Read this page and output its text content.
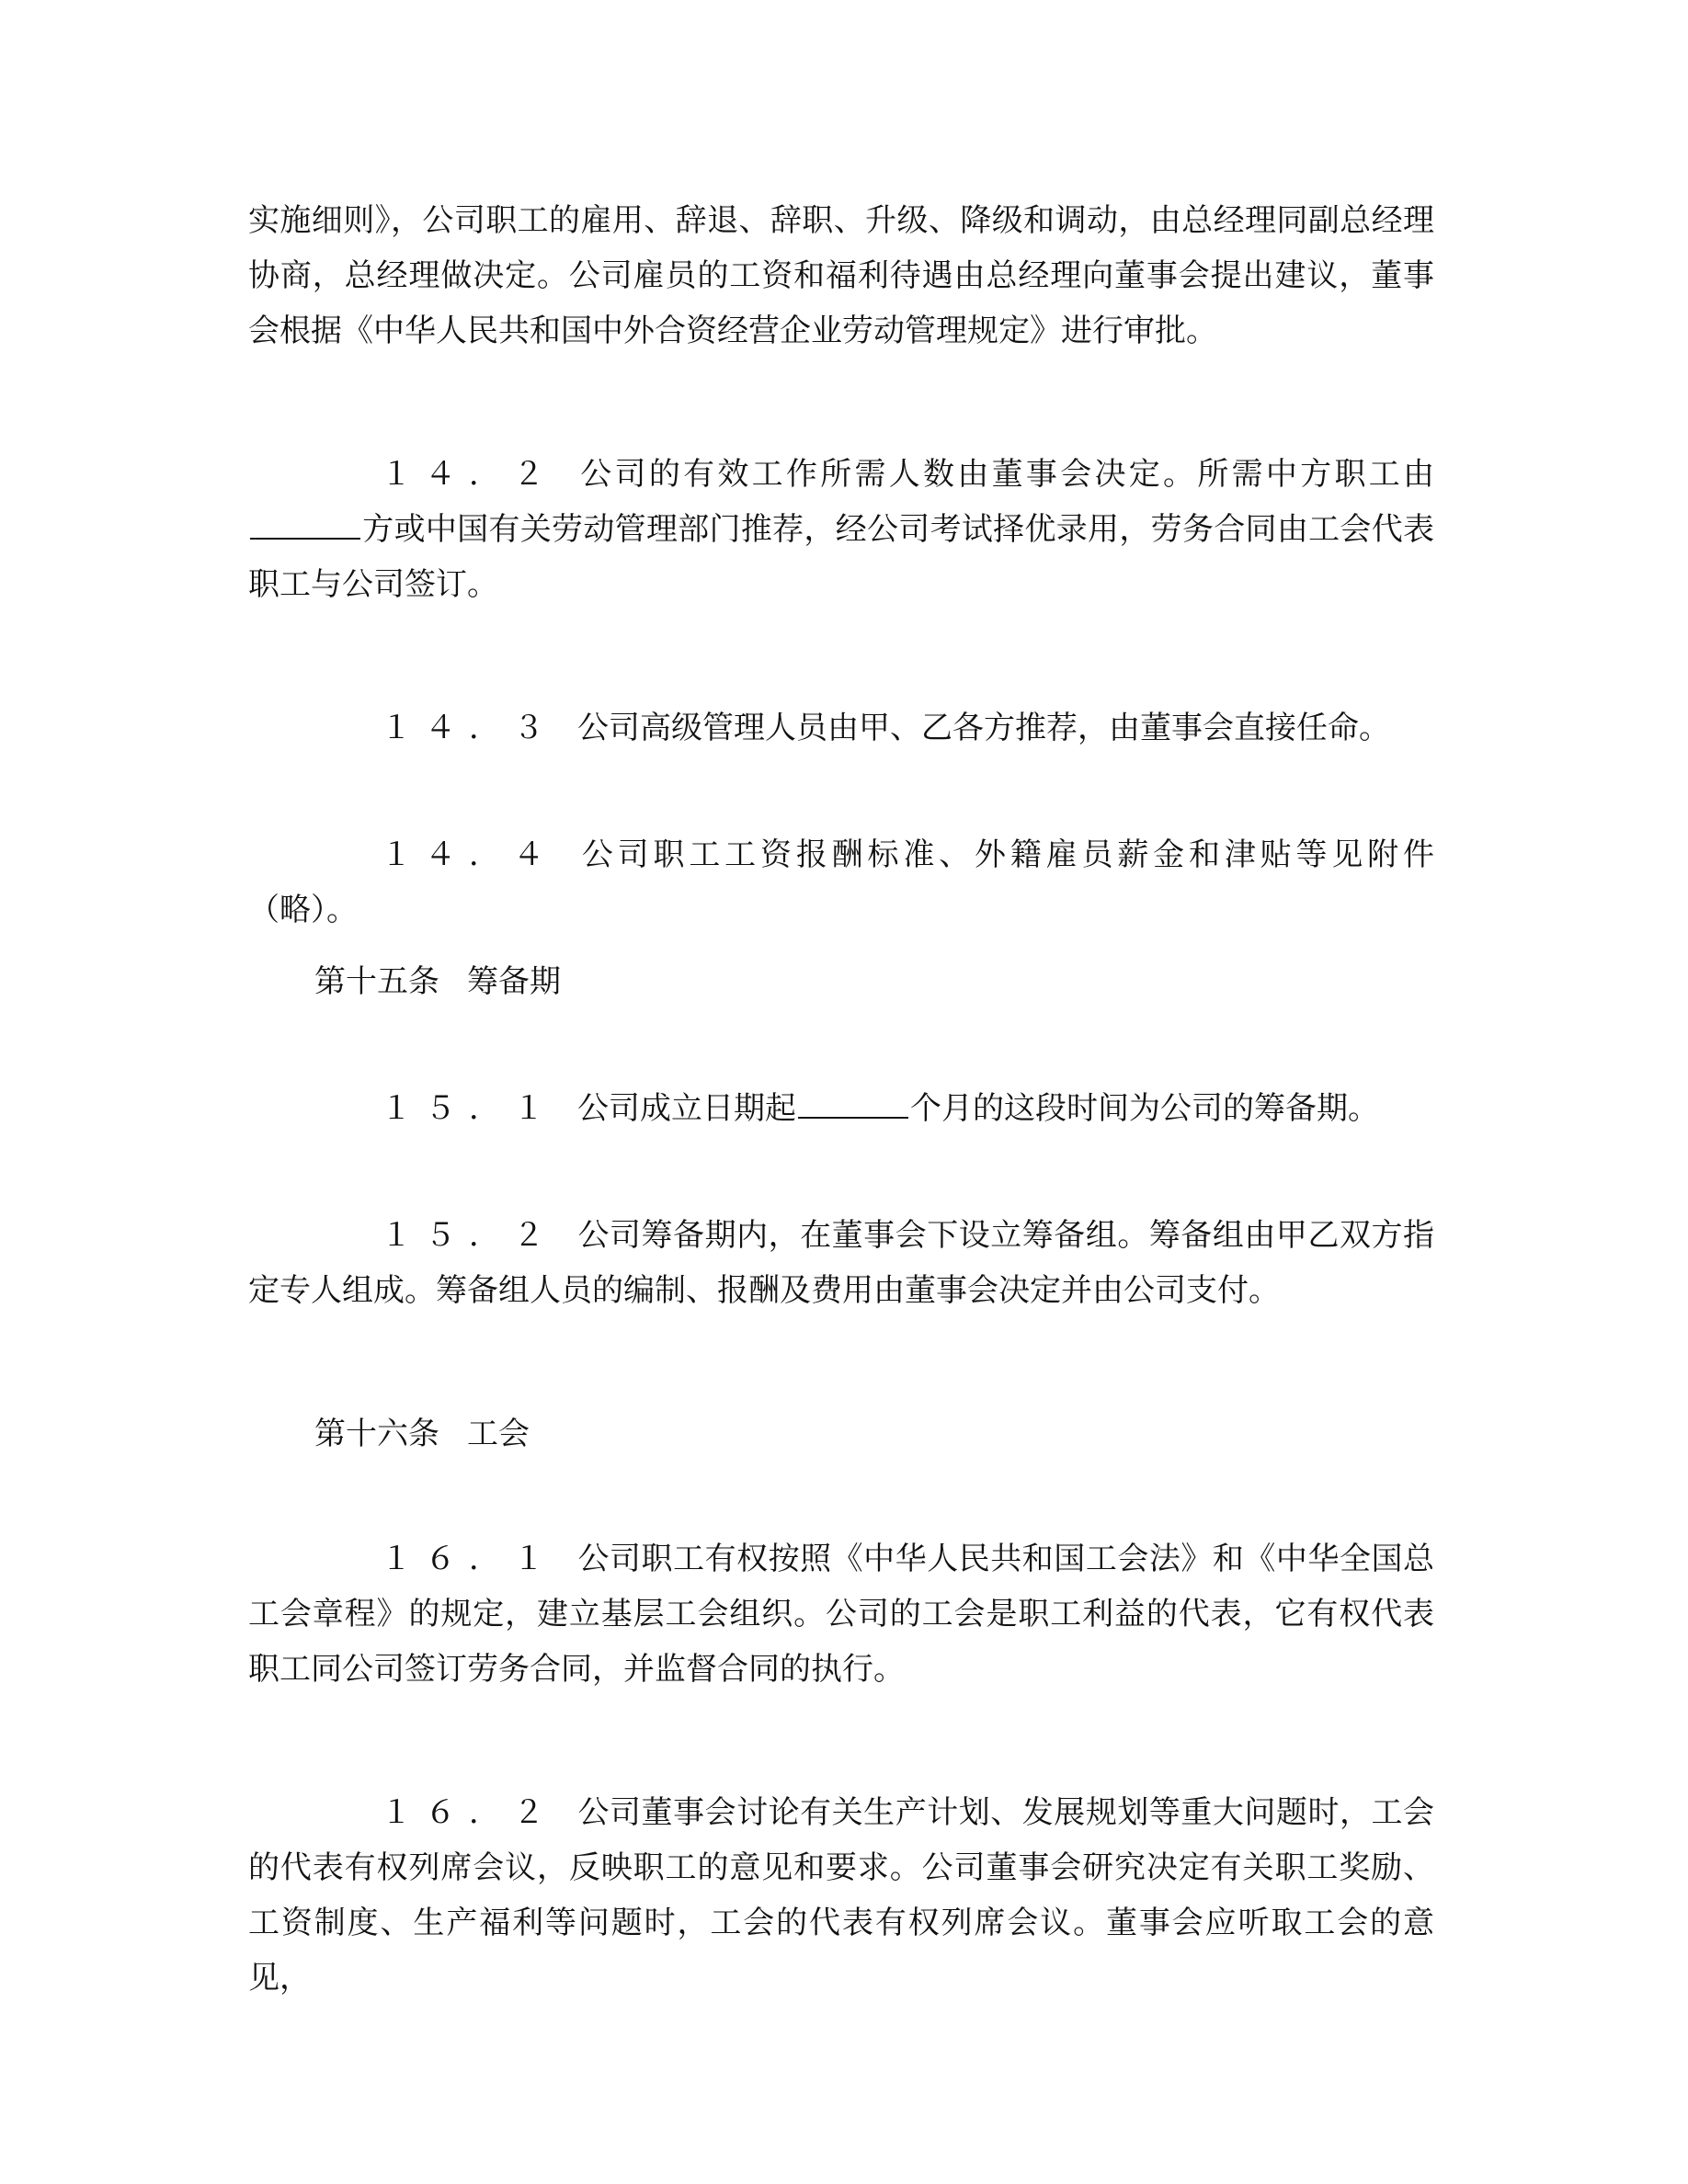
实施细则》，公司职工的雇用、辞退、辞职、升级、降级和调动，由总经理同副总经理协商，总经理做决定。公司雇员的工资和福利待遇由总经理向董事会提出建议，董事会根据《中华人民共和国中外合资经营企业劳动管理规定》进行审批。
１４．２ 公司的有效工作所需人数由董事会决定。所需中方职工由方或中国有关劳动管理部门推荐，经公司考试择优录用，劳务合同由工会代表职工与公司签订。
１４．３ 公司高级管理人员由甲、乙各方推荐，由董事会直接任命。
１４．４ 公司职工工资报酬标准、外籍雇员薪金和津贴等见附件（略）。
第十五条 筹备期
１５．１ 公司成立日期起	个月的这段时间为公司的筹备期。
１５．２ 公司筹备期内，在董事会下设立筹备组。筹备组由甲乙双方指定专人组成。筹备组人员的编制、报酬及费用由董事会决定并由公司支付。
第十六条 工会
１６．１ 公司职工有权按照《中华人民共和国工会法》和《中华全国总工会章程》的规定，建立基层工会组织。公司的工会是职工利益的代表，它有权代表职工同公司签订劳务合同，并监督合同的执行。
１６．２ 公司董事会讨论有关生产计划、发展规划等重大问题时，工会的代表有权列席会议，反映职工的意见和要求。公司董事会研究决定有关职工奖励、工资制度、生产福利等问题时，工会的代表有权列席会议。董事会应听取工会的意见，
